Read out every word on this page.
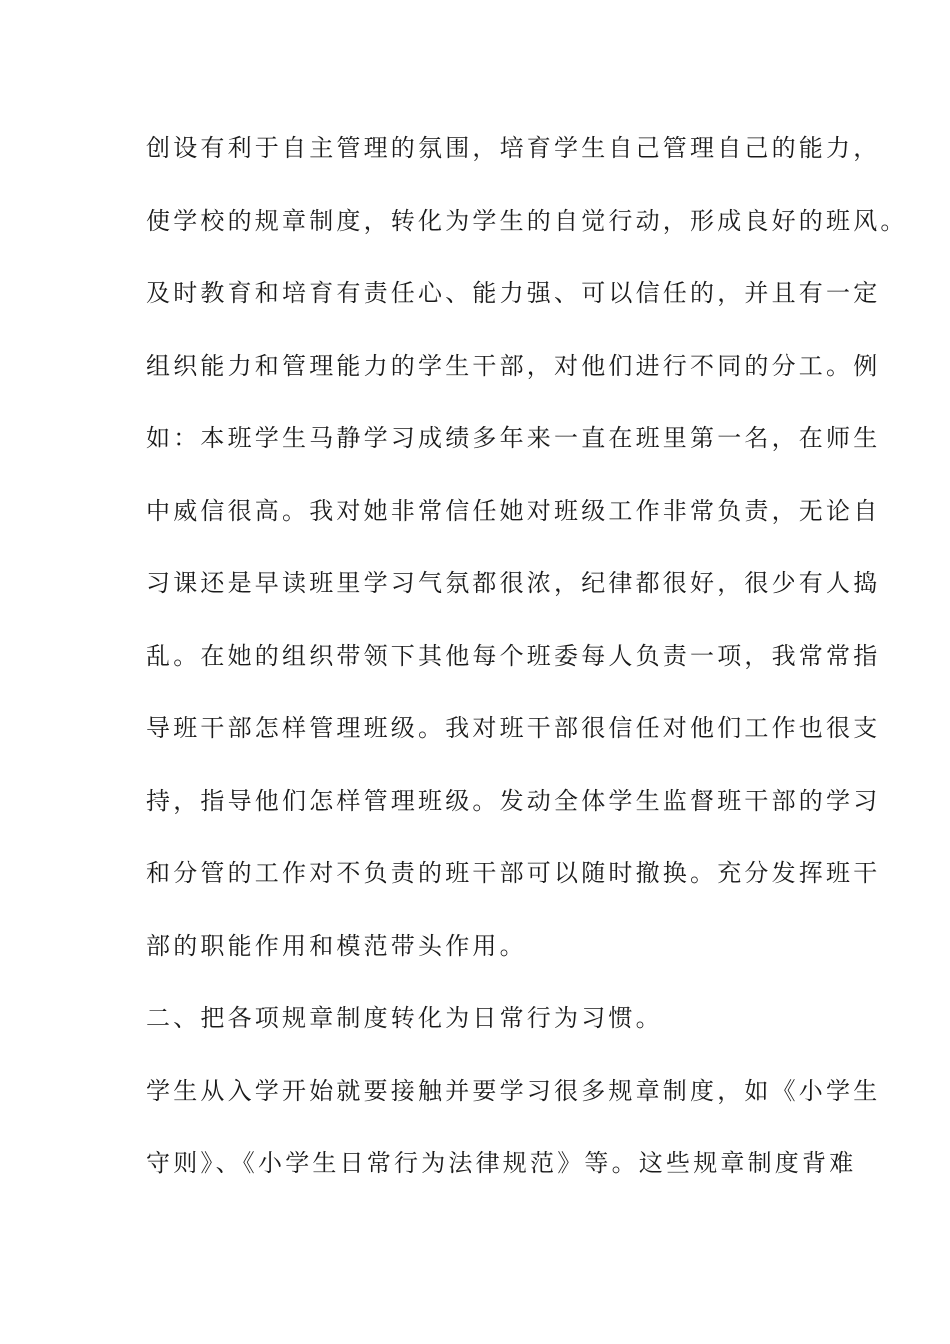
创设有利于自主管理的氛围，培育学生自己管理自己的能力，
使学校的规章制度，转化为学生的自觉行动，形成良好的班风。
及时教育和培育有责任心、能力强、可以信任的，并且有一定
组织能力和管理能力的学生干部，对他们进行不同的分工。例
如：本班学生马静学习成绩多年来一直在班里第一名，在师生
中威信很高。我对她非常信任她对班级工作非常负责，无论自
习课还是早读班里学习气氛都很浓，纪律都很好，很少有人捣
乱。在她的组织带领下其他每个班委每人负责一项，我常常指
导班干部怎样管理班级。我对班干部很信任对他们工作也很支
持，指导他们怎样管理班级。发动全体学生监督班干部的学习
和分管的工作对不负责的班干部可以随时撤换。充分发挥班干
部的职能作用和模范带头作用。
二、把各项规章制度转化为日常行为习惯。
学生从入学开始就要接触并要学习很多规章制度，如《小学生
守则》、《小学生日常行为法律规范》等。这些规章制度背难
